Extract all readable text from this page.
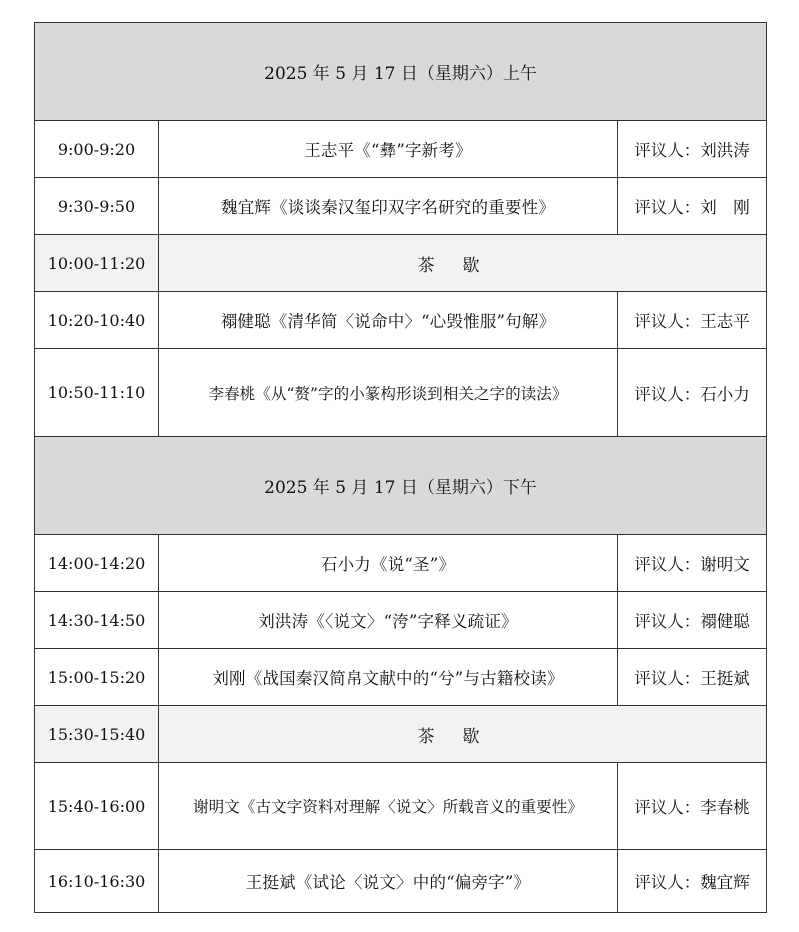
2025 年 5 月 17 日（星期六）上午		
9:00-9:20	王志平《“彝”字新考》	评议人：刘洪涛
9:30-9:50	魏宜辉《谈谈秦汉玺印双字名研究的重要性》	评议人：刘　刚
10:00-11:20	茶歇	
10:20-10:40	禤健聪《清华简〈说命中〉“心毁惟服”句解》	评议人：王志平
10:50-11:10	李春桃《从“赘”字的小篆构形谈到相关之字的读法》	评议人：石小力
2025 年 5 月 17 日（星期六）下午		
14:00-14:20	石小力《说“圣”》	评议人：谢明文
14:30-14:50	刘洪涛《〈说文〉“洿”字释义疏证》	评议人：禤健聪
15:00-15:20	刘刚《战国秦汉简帛文献中的“兮”与古籍校读》	评议人：王挺斌
15:30-15:40	茶歇	
15:40-16:00	谢明文《古文字资料对理解〈说文〉所载音义的重要性》	评议人：李春桃
16:10-16:30	王挺斌《试论〈说文〉中的“偏旁字”》	评议人：魏宜辉
